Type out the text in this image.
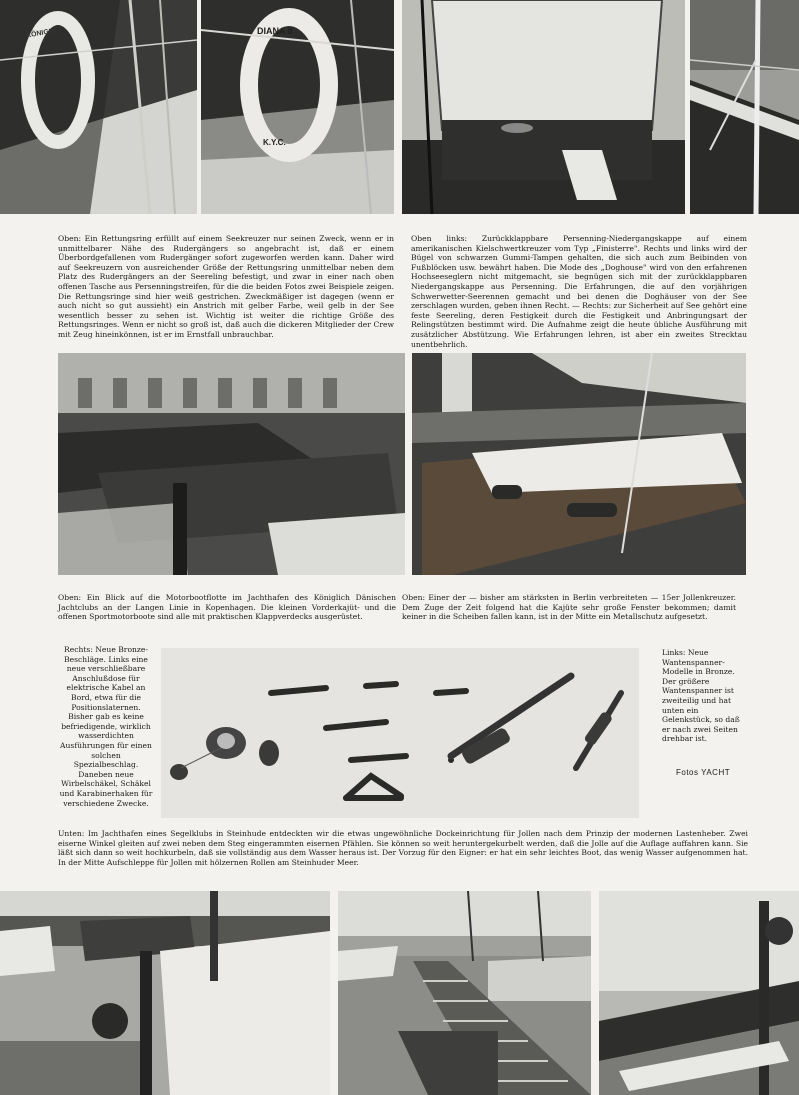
KÖNIGIN	DIANA II
K.Y.C.

Oben: Ein Rettungsring erfüllt auf einem Seekreuzer nur seinen Zweck, wenn er in unmittelbarer Nähe des Rudergängers so angebracht ist, daß er einem Überbordgefallenen vom Rudergänger sofort zugeworfen werden kann. Daher wird auf Seekreuzern von ausreichender Größe der Rettungsring unmittelbar neben dem Platz des Rudergängers an der Seereling befestigt, und zwar in einer nach oben offenen Tasche aus Persenningstreifen, für die die beiden Fotos zwei Beispiele zeigen. Die Rettungsringe sind hier weiß gestrichen. Zweckmäßiger ist dagegen (wenn er auch nicht so gut aussieht) ein Anstrich mit gelber Farbe, weil gelb in der See wesentlich besser zu sehen ist. Wichtig ist weiter die richtige Größe des Rettungsringes. Wenn er nicht so groß ist, daß auch die dickeren Mitglieder der Crew mit Zeug hineinkönnen, ist er im Ernstfall unbrauchbar.

Oben links: Zurückklappbare Persenning-Niedergangskappe auf einem amerikanischen Kielschwertkreuzer vom Typ „Finisterre". Rechts und links wird der Bügel von schwarzen Gummi-Tampen gehalten, die sich auch zum Beibinden von Fußblöcken usw. bewährt haben. Die Mode des „Doghouse" wird von den erfahrenen Hochseeseglern nicht mitgemacht, sie begnügen sich mit der zurückklappbaren Niedergangskappe aus Persenning. Die Erfahrungen, die auf den vorjährigen Schwerwetter-Seerennen gemacht und bei denen die Doghäuser von der See zerschlagen wurden, geben ihnen Recht. — Rechts: zur Sicherheit auf See gehört eine feste Seereling, deren Festigkeit durch die Festigkeit und Anbringungsart der Relingstützen bestimmt wird. Die Aufnahme zeigt die heute übliche Ausführung mit zusätzlicher Abstützung. Wie Erfahrungen lehren, ist aber ein zweites Strecktau unentbehrlich.

Oben: Ein Blick auf die Motorbootflotte im Jachthafen des Königlich Dänischen Jachtclubs an der Langen Linie in Kopenhagen. Die kleinen Vorderkajüt- und die offenen Sportmotorboote sind alle mit praktischen Klappverdecks ausgerüstet.

Oben: Einer der — bisher am stärksten in Berlin verbreiteten — 15er Jollenkreuzer. Dem Zuge der Zeit folgend hat die Kajüte sehr große Fenster bekommen; damit keiner in die Scheiben fallen kann, ist in der Mitte ein Metallschutz aufgesetzt.

Rechts: Neue Bronze-Beschläge. Links eine neue verschließbare Anschlußdose für elektrische Kabel an Bord, etwa für die Positionslaternen. Bisher gab es keine befriedigende, wirklich wasserdichten Ausführungen für einen solchen Spezialbeschlag. Daneben neue Wirbelschäkel, Schäkel und Karabinerhaken für verschiedene Zwecke.

Links: Neue Wantenspanner-Modelle in Bronze. Der größere Wantenspanner ist zweiteilig und hat unten ein Gelenkstück, so daß er nach zwei Seiten drehbar ist.

Fotos YACHT

Unten: Im Jachthafen eines Segelklubs in Steinhude entdeckten wir die etwas ungewöhnliche Dockeinrichtung für Jollen nach dem Prinzip der modernen Lastenheber. Zwei eiserne Winkel gleiten auf zwei neben dem Steg eingerammten eisernen Pfählen. Sie können so weit heruntergekurbelt werden, daß die Jolle auf die Auflage auffahren kann. Sie läßt sich dann so weit hochkurbeln, daß sie vollständig aus dem Wasser heraus ist. Der Vorzug für den Eigner: er hat ein sehr leichtes Boot, das wenig Wasser aufgenommen hat. In der Mitte Aufschleppe für Jollen mit hölzernen Rollen am Steinhuder Meer.
